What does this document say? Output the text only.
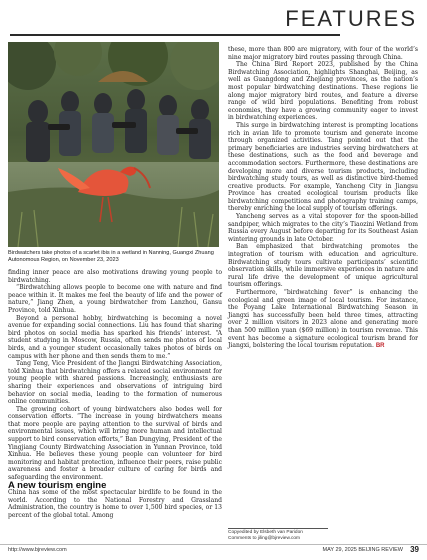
FEATURES
Birdwatchers take photos of a scarlet ibis in a wetland in Nanning, Guangxi Zhuang Autonomous Region, on November 23, 2023

finding inner peace are also motivations drawing young people to birdwatching.

“Birdwatching allows people to become one with nature and find peace within it. It makes me feel the beauty of life and the power of nature,” Jiang Zhen, a young birdwatcher from Lanzhou, Gansu Province, told Xinhua.

Beyond a personal hobby, birdwatching is becoming a novel avenue for expanding social connections. Liu has found that sharing bird photos on social media has sparked his friends’ interest. “A student studying in Moscow, Russia, often sends me photos of local birds, and a younger student occasionally takes photos of birds on campus with her phone and then sends them to me.”

Tang Teng, Vice President of the Jiangxi Birdwatching Association, told Xinhua that birdwatching offers a relaxed social environment for young people with shared passions. Increasingly, enthusiasts are sharing their experiences and observations of intriguing bird behavior on social media, leading to the formation of numerous online communities.

The growing cohort of young birdwatchers also bodes well for conservation efforts. “The increase in young birdwatchers means that more people are paying attention to the survival of birds and environmental issues, which will bring more human and intellectual support to bird conservation efforts,” Ban Dungying, President of the Yingjiang County Birdwatching Association in Yunnan Province, told Xinhua. He believes these young people can volunteer for bird monitoring and habitat protection, influence their peers, raise public awareness and foster a broader culture of caring for birds and safeguarding the environment.

A new tourism engine

China has some of the most spectacular birdlife to be found in the world. According to the National Forestry and Grassland Administration, the country is home to over 1,500 bird species, or 13 percent of the global total. Among

these, more than 800 are migratory, with four of the world’s nine major migratory bird routes passing through China.

The China Bird Report 2023, published by the China Birdwatching Association, highlights Shanghai, Beijing, as well as Guangdong and Zhejiang provinces, as the nation’s most popular birdwatching destinations. These regions lie along major migratory bird routes, and feature a diverse range of wild bird populations. Benefiting from robust economies, they have a growing community eager to invest in birdwatching experiences.

This surge in birdwatching interest is prompting locations rich in avian life to promote tourism and generate income through organized activities. Tang pointed out that the primary beneficiaries are industries serving birdwatchers at these destinations, such as the food and beverage and accommodation sectors. Furthermore, these destinations are developing more and diverse tourism products, including birdwatching study tours, as well as distinctive bird-themed creative products. For example, Yancheng City in Jiangsu Province has created ecological tourism products like birdwatching competitions and photography training camps, thereby enriching the local supply of tourism offerings.

Yancheng serves as a vital stopover for the spoon-billed sandpiper, which migrates to the city’s Tiaozini Wetland from Russia every August before departing for its Southeast Asian wintering grounds in late October.

Ban emphasized that birdwatching promotes the integration of tourism with education and agriculture. Birdwatching study tours cultivate participants’ scientific observation skills, while immersive experiences in nature and rural life drive the development of unique agricultural tourism offerings.

Furthermore, “birdwatching fever” is enhancing the ecological and green image of local tourism. For instance, the Poyang Lake International Birdwatching Season in Jiangxi has successfully been held three times, attracting over 2 million visitors in 2023 alone and generating more than 500 million yuan ($69 million) in tourism revenue. This event has become a signature ecological tourism brand for Jiangxi, bolstering the local tourism reputation. BR

Copyedited by Elsbeth van Paridon
Comments to jiling@bjreview.com
http://www.bjreview.com	MAY 29, 2025 BEIJING REVIEW 39
